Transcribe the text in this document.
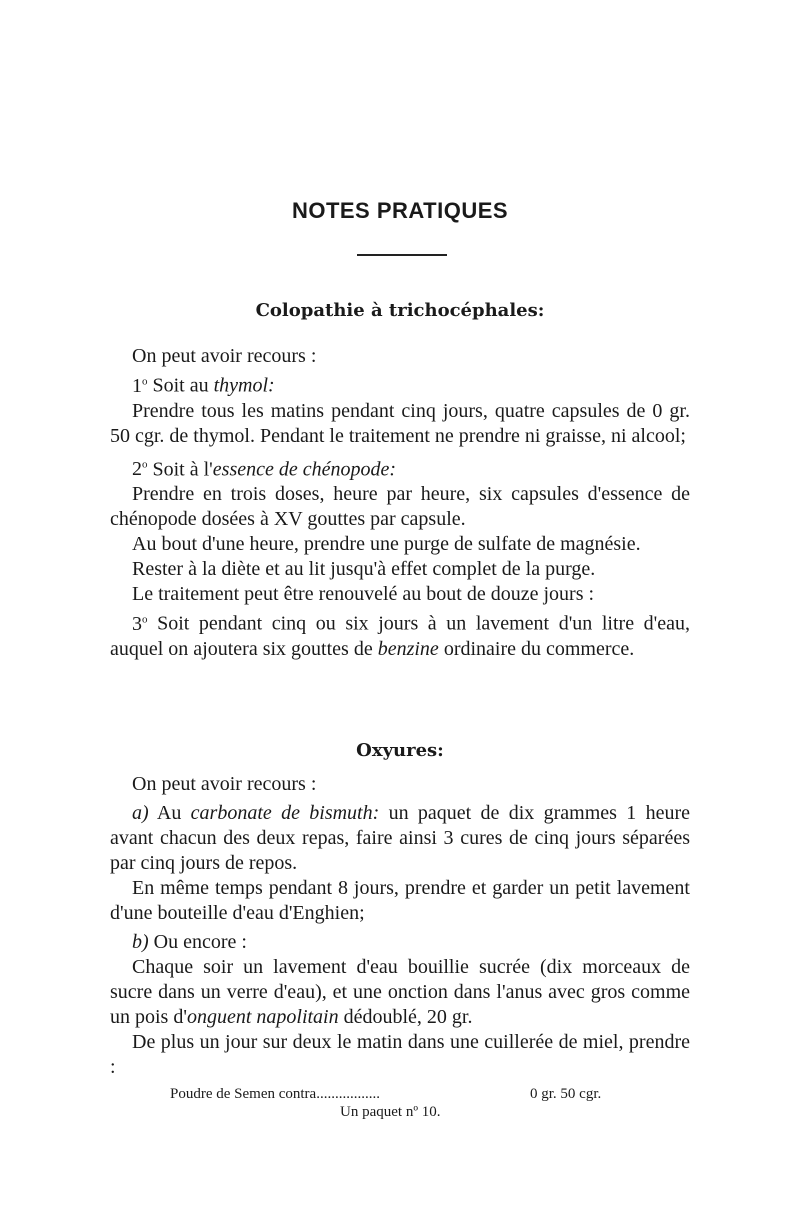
NOTES PRATIQUES
Colopathie à trichocéphales:

On peut avoir recours :

1$^o$ Soit au thymol:

Prendre tous les matins pendant cinq jours, quatre capsules de 0 gr. 50 cgr. de thymol. Pendant le traitement ne prendre ni graisse, ni alcool;

2$^o$ Soit à l'essence de chénopode:

Prendre en trois doses, heure par heure, six capsules d'essence de chénopode dosées à XV gouttes par capsule.

Au bout d'une heure, prendre une purge de sulfate de magnésie.

Rester à la diète et au lit jusqu'à effet complet de la purge.

Le traitement peut être renouvelé au bout de douze jours :

3$^o$ Soit pendant cinq ou six jours à un lavement d'un litre d'eau, auquel on ajoutera six gouttes de benzine ordinaire du commerce.

Oxyures:

On peut avoir recours :

a) Au carbonate de bismuth: un paquet de dix grammes 1 heure avant chacun des deux repas, faire ainsi 3 cures de cinq jours séparées par cinq jours de repos.

En même temps pendant 8 jours, prendre et garder un petit lavement d'une bouteille d'eau d'Enghien;

b) Ou encore :

Chaque soir un lavement d'eau bouillie sucrée (dix morceaux de sucre dans un verre d'eau), et une onction dans l'anus avec gros comme un pois d'onguent napolitain dédoublé, 20 gr.

De plus un jour sur deux le matin dans une cuillerée de miel, prendre :

Poudre de Semen contra.................	0 gr. 50 cgr.
Un paquet nº 10.
